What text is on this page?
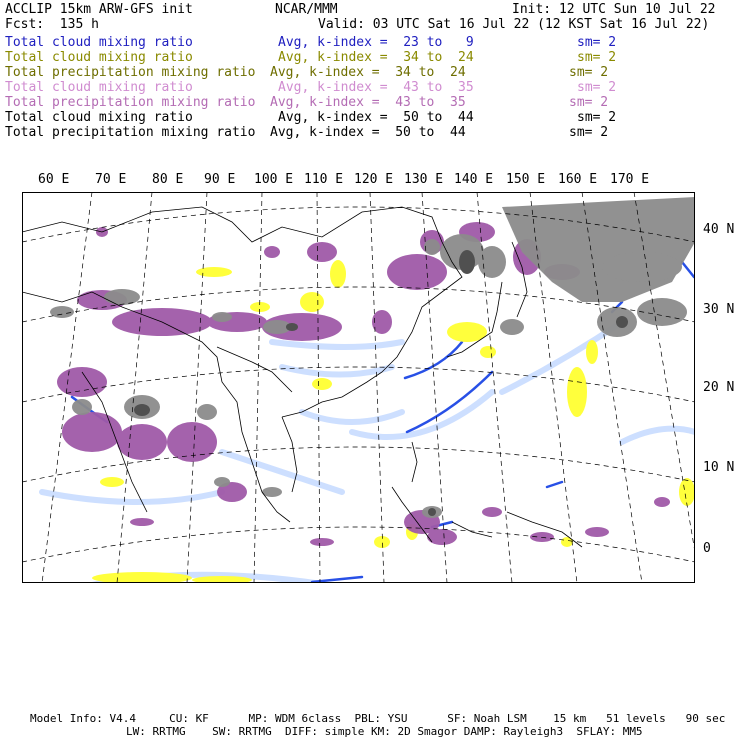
ACCLIP 15km ARW-GFS init	NCAR/MMM	Init: 12 UTC Sun 10 Jul 22
Fcst:  135 h	Valid: 03 UTC Sat 16 Jul 22 (12 KST Sat 16 Jul 22)
Total cloud mixing ratio	Avg, k-index =  23 to   9	sm= 2
Total cloud mixing ratio	Avg, k-index =  34 to  24	sm= 2
Total precipitation mixing ratio Avg, k-index =  34 to  24	sm= 2
Total cloud mixing ratio	Avg, k-index =  43 to  35	sm= 2
Total precipitation mixing ratio Avg, k-index =  43 to  35	sm= 2
Total cloud mixing ratio	Avg, k-index =  50 to  44	sm= 2
Total precipitation mixing ratio Avg, k-index =  50 to  44	sm= 2
60 E 70 E 80 E 90 E 100 E 110 E 120 E 130 E 140 E 150 E 160 E 170 E
40 N
30 N
20 N
10 N
0
Model Info: V4.4     CU: KF      MP: WDM 6class  PBL: YSU      SF: Noah LSM    15 km   51 levels   90 sec
LW: RRTMG    SW: RRTMG  DIFF: simple KM: 2D Smagor DAMP: Rayleigh3  SFLAY: MM5
